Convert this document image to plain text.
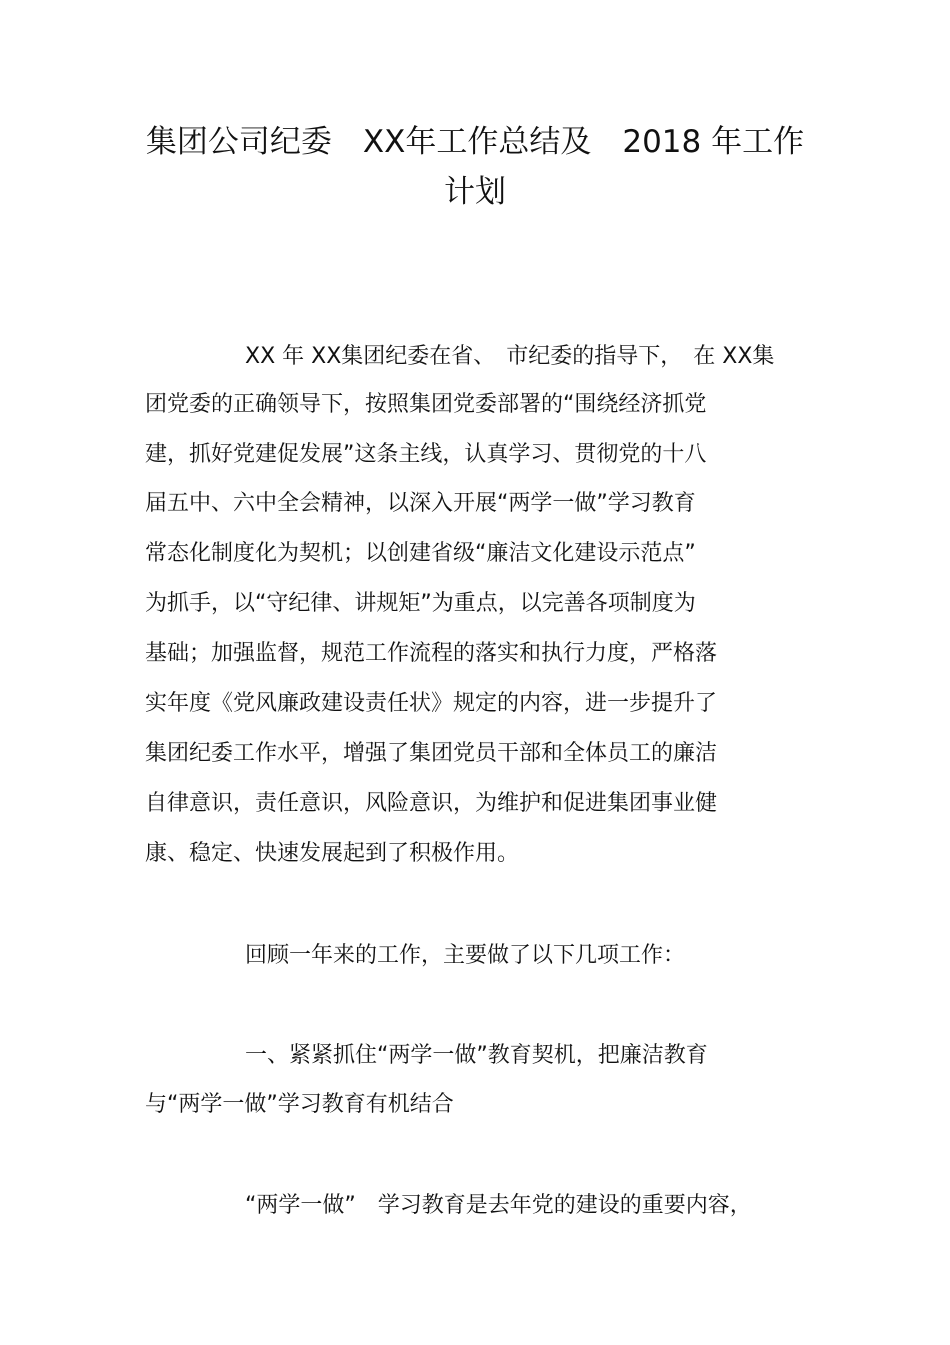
集团公司纪委　XX年工作总结及　2018 年工作
计划

XX 年 XX集团纪委在省、　市纪委的指导下，　在 XX集

团党委的正确领导下，按照集团党委部署的“围绕经济抓党

建，抓好党建促发展”这条主线，认真学习、贯彻党的十八

届五中、六中全会精神，以深入开展“两学一做”学习教育

常态化制度化为契机；以创建省级“廉洁文化建设示范点”

为抓手，以“守纪律、讲规矩”为重点，以完善各项制度为

基础；加强监督，规范工作流程的落实和执行力度，严格落

实年度《党风廉政建设责任状》规定的内容，进一步提升了

集团纪委工作水平，增强了集团党员干部和全体员工的廉洁

自律意识，责任意识，风险意识，为维护和促进集团事业健

康、稳定、快速发展起到了积极作用。

回顾一年来的工作，主要做了以下几项工作：

一、紧紧抓住“两学一做”教育契机，把廉洁教育

与“两学一做”学习教育有机结合

“两学一做”　学习教育是去年党的建设的重要内容，
